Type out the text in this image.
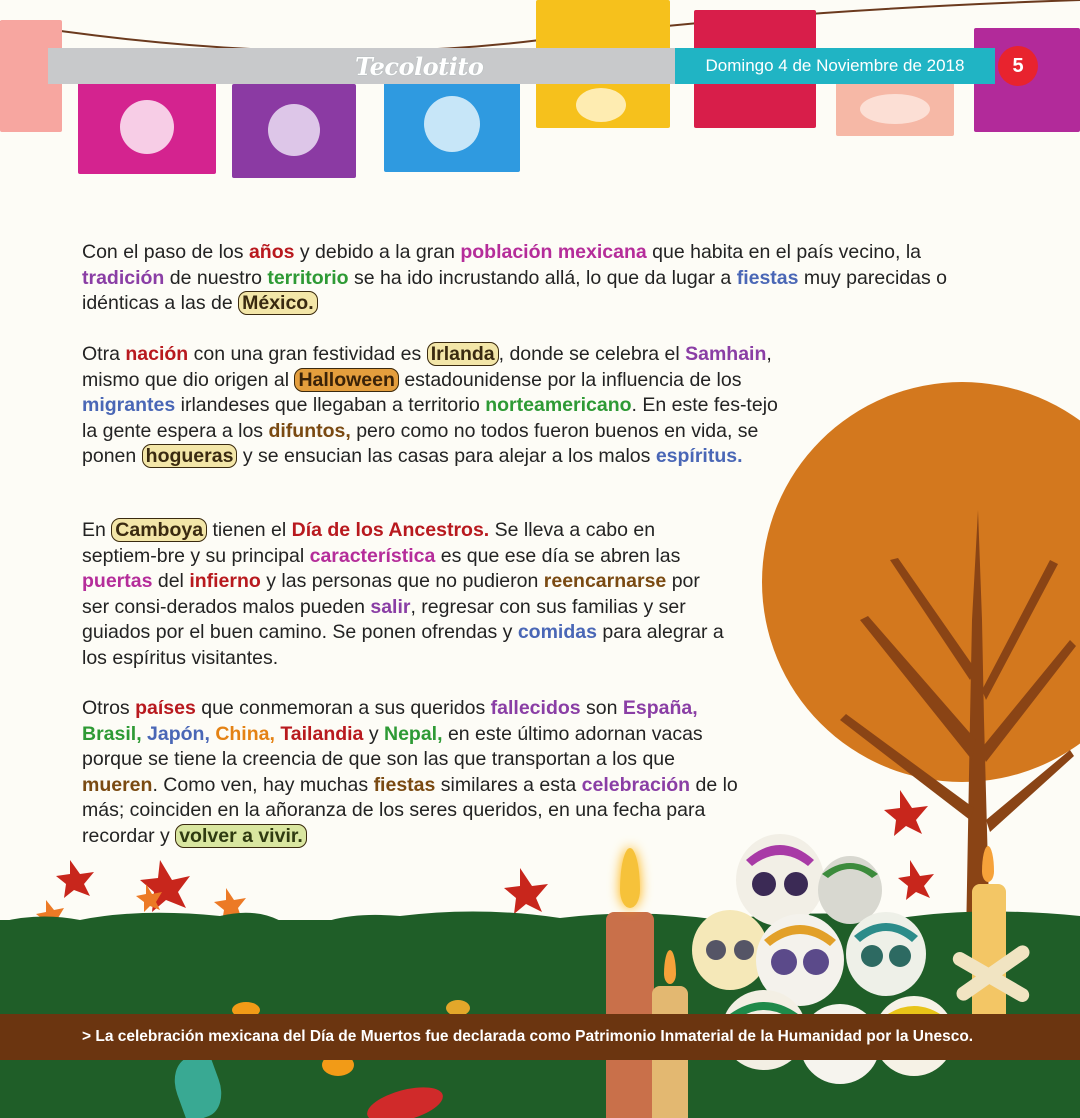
Tecolotito	Domingo 4 de Noviembre de 2018	5

Con el paso de los años y debido a la gran población mexicana que habita en el país vecino, la tradición de nuestro territorio se ha ido incrustando allá, lo que da lugar a fiestas muy parecidas o idénticas a las de México.

Otra nación con una gran festividad es Irlanda , donde se celebra el Samhain, mismo que dio origen al Halloween estadounidense por la influencia de los migrantes irlandeses que llegaban a territorio norteamericano. En este fes-tejo la gente espera a los difuntos, pero como no todos fueron buenos en vida, se ponen hogueras y se ensucian las casas para alejar a los malos espíritus.

En Camboya tienen el Día de los Ancestros. Se lleva a cabo en septiem-bre y su principal característica es que ese día se abren las puertas del infierno y las personas que no pudieron reencarnarse por ser consi-derados malos pueden salir, regresar con sus familias y ser guiados por el buen camino. Se ponen ofrendas y comidas para alegrar a los espíritus visitantes.

Otros países que conmemoran a sus queridos fallecidos son España, Brasil, Japón, China, Tailandia y Nepal, en este último adornan vacas porque se tiene la creencia de que son las que transportan a los que mueren. Como ven, hay muchas fiestas similares a esta celebración de lo más; coinciden en la añoranza de los seres queridos, en una fecha para recordar y volver a vivir.

> La celebración mexicana del Día de Muertos fue declarada como Patrimonio Inmaterial de la Humanidad por la Unesco.
